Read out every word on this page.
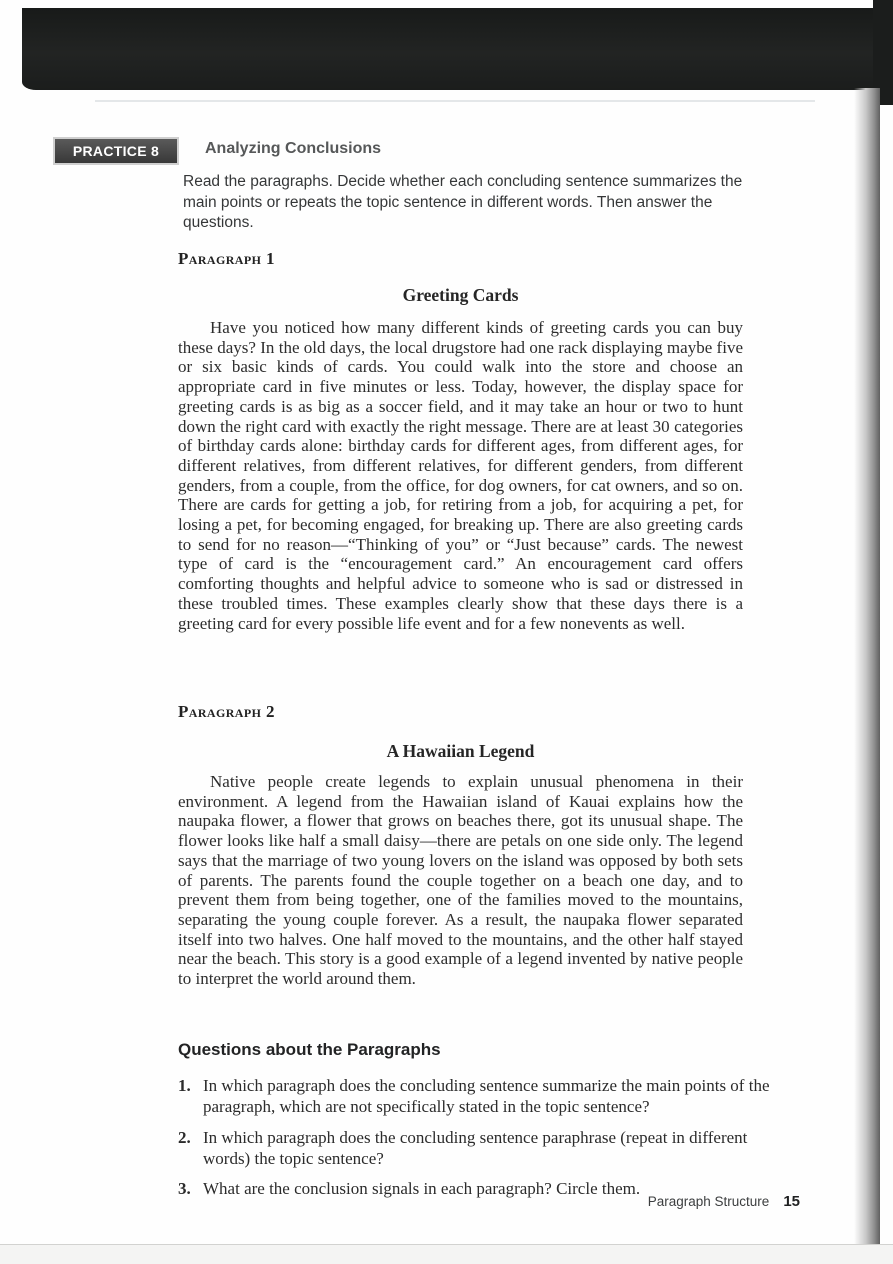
PRACTICE 8	Analyzing Conclusions

Read the paragraphs. Decide whether each concluding sentence summarizes the main points or repeats the topic sentence in different words. Then answer the questions.

Paragraph 1
Greeting Cards

Have you noticed how many different kinds of greeting cards you can buy these days? In the old days, the local drugstore had one rack displaying maybe five or six basic kinds of cards. You could walk into the store and choose an appropriate card in five minutes or less. Today, however, the display space for greeting cards is as big as a soccer field, and it may take an hour or two to hunt down the right card with exactly the right message. There are at least 30 categories of birthday cards alone: birthday cards for different ages, from different ages, for different relatives, from different relatives, for different genders, from different genders, from a couple, from the office, for dog owners, for cat owners, and so on. There are cards for getting a job, for retiring from a job, for acquiring a pet, for losing a pet, for becoming engaged, for breaking up. There are also greeting cards to send for no reason—“Thinking of you” or “Just because” cards. The newest type of card is the “encouragement card.” An encouragement card offers comforting thoughts and helpful advice to someone who is sad or distressed in these troubled times. These examples clearly show that these days there is a greeting card for every possible life event and for a few nonevents as well.

Paragraph 2
A Hawaiian Legend

Native people create legends to explain unusual phenomena in their environment. A legend from the Hawaiian island of Kauai explains how the naupaka flower, a flower that grows on beaches there, got its unusual shape. The flower looks like half a small daisy—there are petals on one side only. The legend says that the marriage of two young lovers on the island was opposed by both sets of parents. The parents found the couple together on a beach one day, and to prevent them from being together, one of the families moved to the mountains, separating the young couple forever. As a result, the naupaka flower separated itself into two halves. One half moved to the mountains, and the other half stayed near the beach. This story is a good example of a legend invented by native people to interpret the world around them.

Questions about the Paragraphs
1. In which paragraph does the concluding sentence summarize the main points of the paragraph, which are not specifically stated in the topic sentence?
2. In which paragraph does the concluding sentence paraphrase (repeat in different words) the topic sentence?
3. What are the conclusion signals in each paragraph? Circle them.
Paragraph Structure 15
